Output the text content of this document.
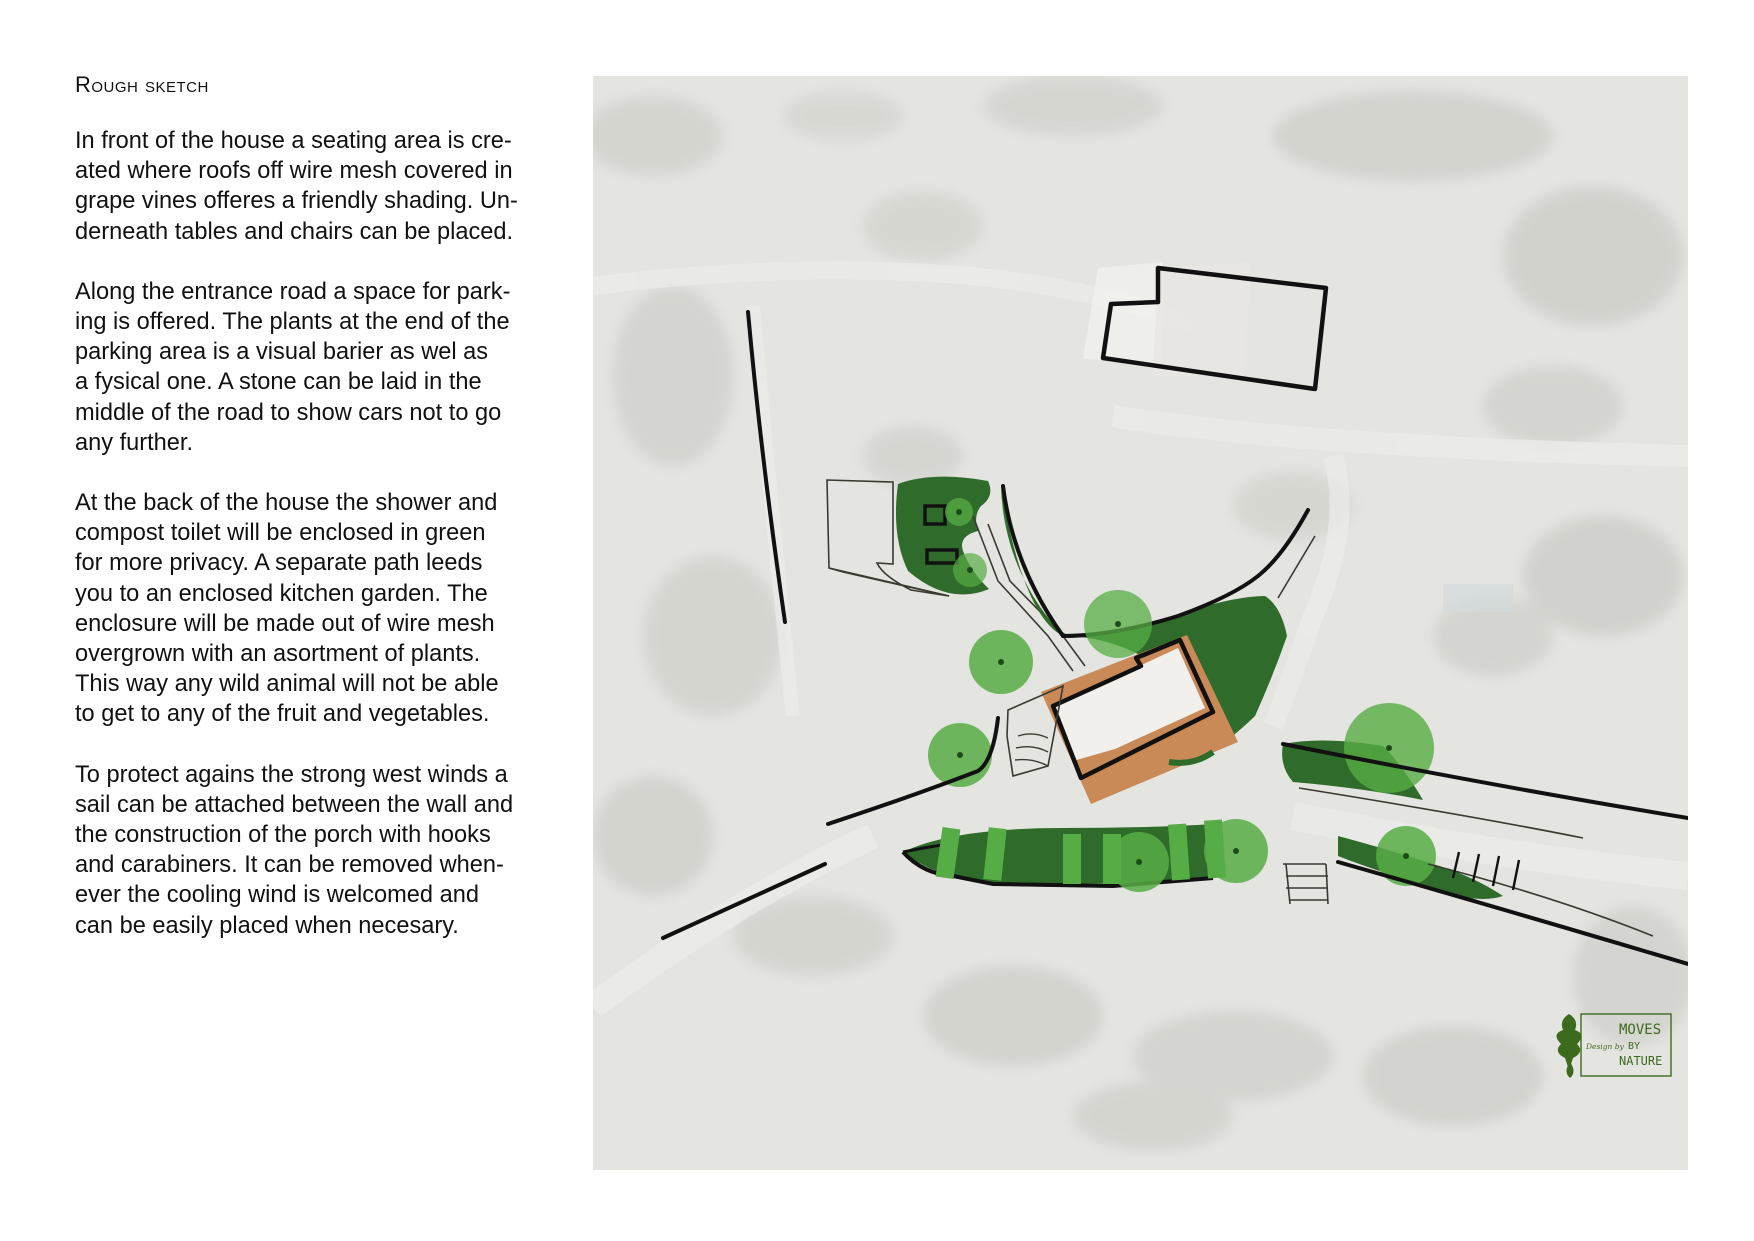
Rough sketch

In front of the house a seating area is cre-
ated where roofs off wire mesh covered in
grape vines offeres a friendly shading. Un-
derneath tables and chairs can be placed.

Along the entrance road a space for park-
ing is offered. The plants at the end of the
parking area is a visual barier as wel as
a fysical one. A stone can be laid in the
middle of the road to show cars not to go
any further.

At the back of the house the shower and
compost toilet will be enclosed in green
for more privacy. A separate path leeds
you to an enclosed kitchen garden. The
enclosure will be made out of wire mesh
overgrown with an asortment of plants.
This way any wild animal will not be able
to get to any of the fruit and vegetables.

To protect agains the strong west winds a
sail can be attached between the wall and
the construction of the porch with hooks
and carabiners. It can be removed when-
ever the cooling wind is welcomed and
can be easily placed when necesary.

MOVES
Design by BY
NATURE
